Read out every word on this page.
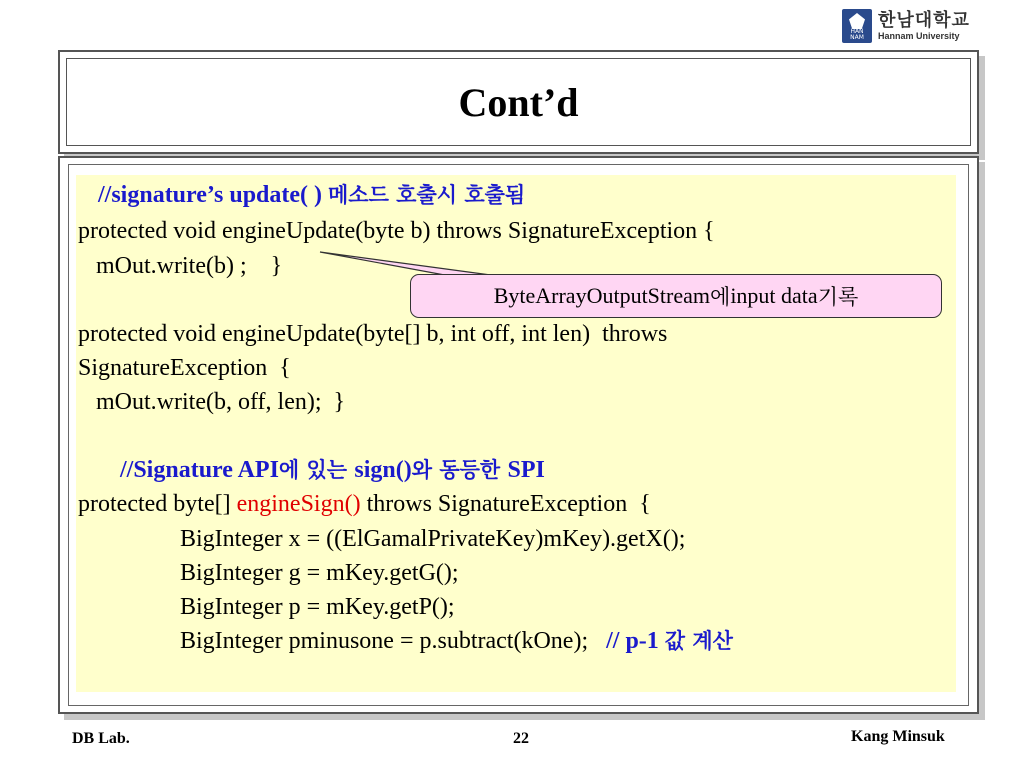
HAN NAM
한남대학교
Hannam University
Cont’d
//signature’s update( ) 메소드 호출시 호출됨
protected void engineUpdate(byte b) throws SignatureException {
mOut.write(b) ;    }
protected void engineUpdate(byte[] b, int off, int len)  throws
SignatureException  {
mOut.write(b, off, len);  }
//Signature API에 있는 sign()와 동등한 SPI
protected byte[] engineSign() throws SignatureException  {
BigInteger x = ((ElGamalPrivateKey)mKey).getX();
BigInteger g = mKey.getG();
BigInteger p = mKey.getP();
BigInteger pminusone = p.subtract(kOne);   // p-1 값 계산
ByteArrayOutputStream 에 input data 기록
DB Lab.	22	Kang Minsuk
